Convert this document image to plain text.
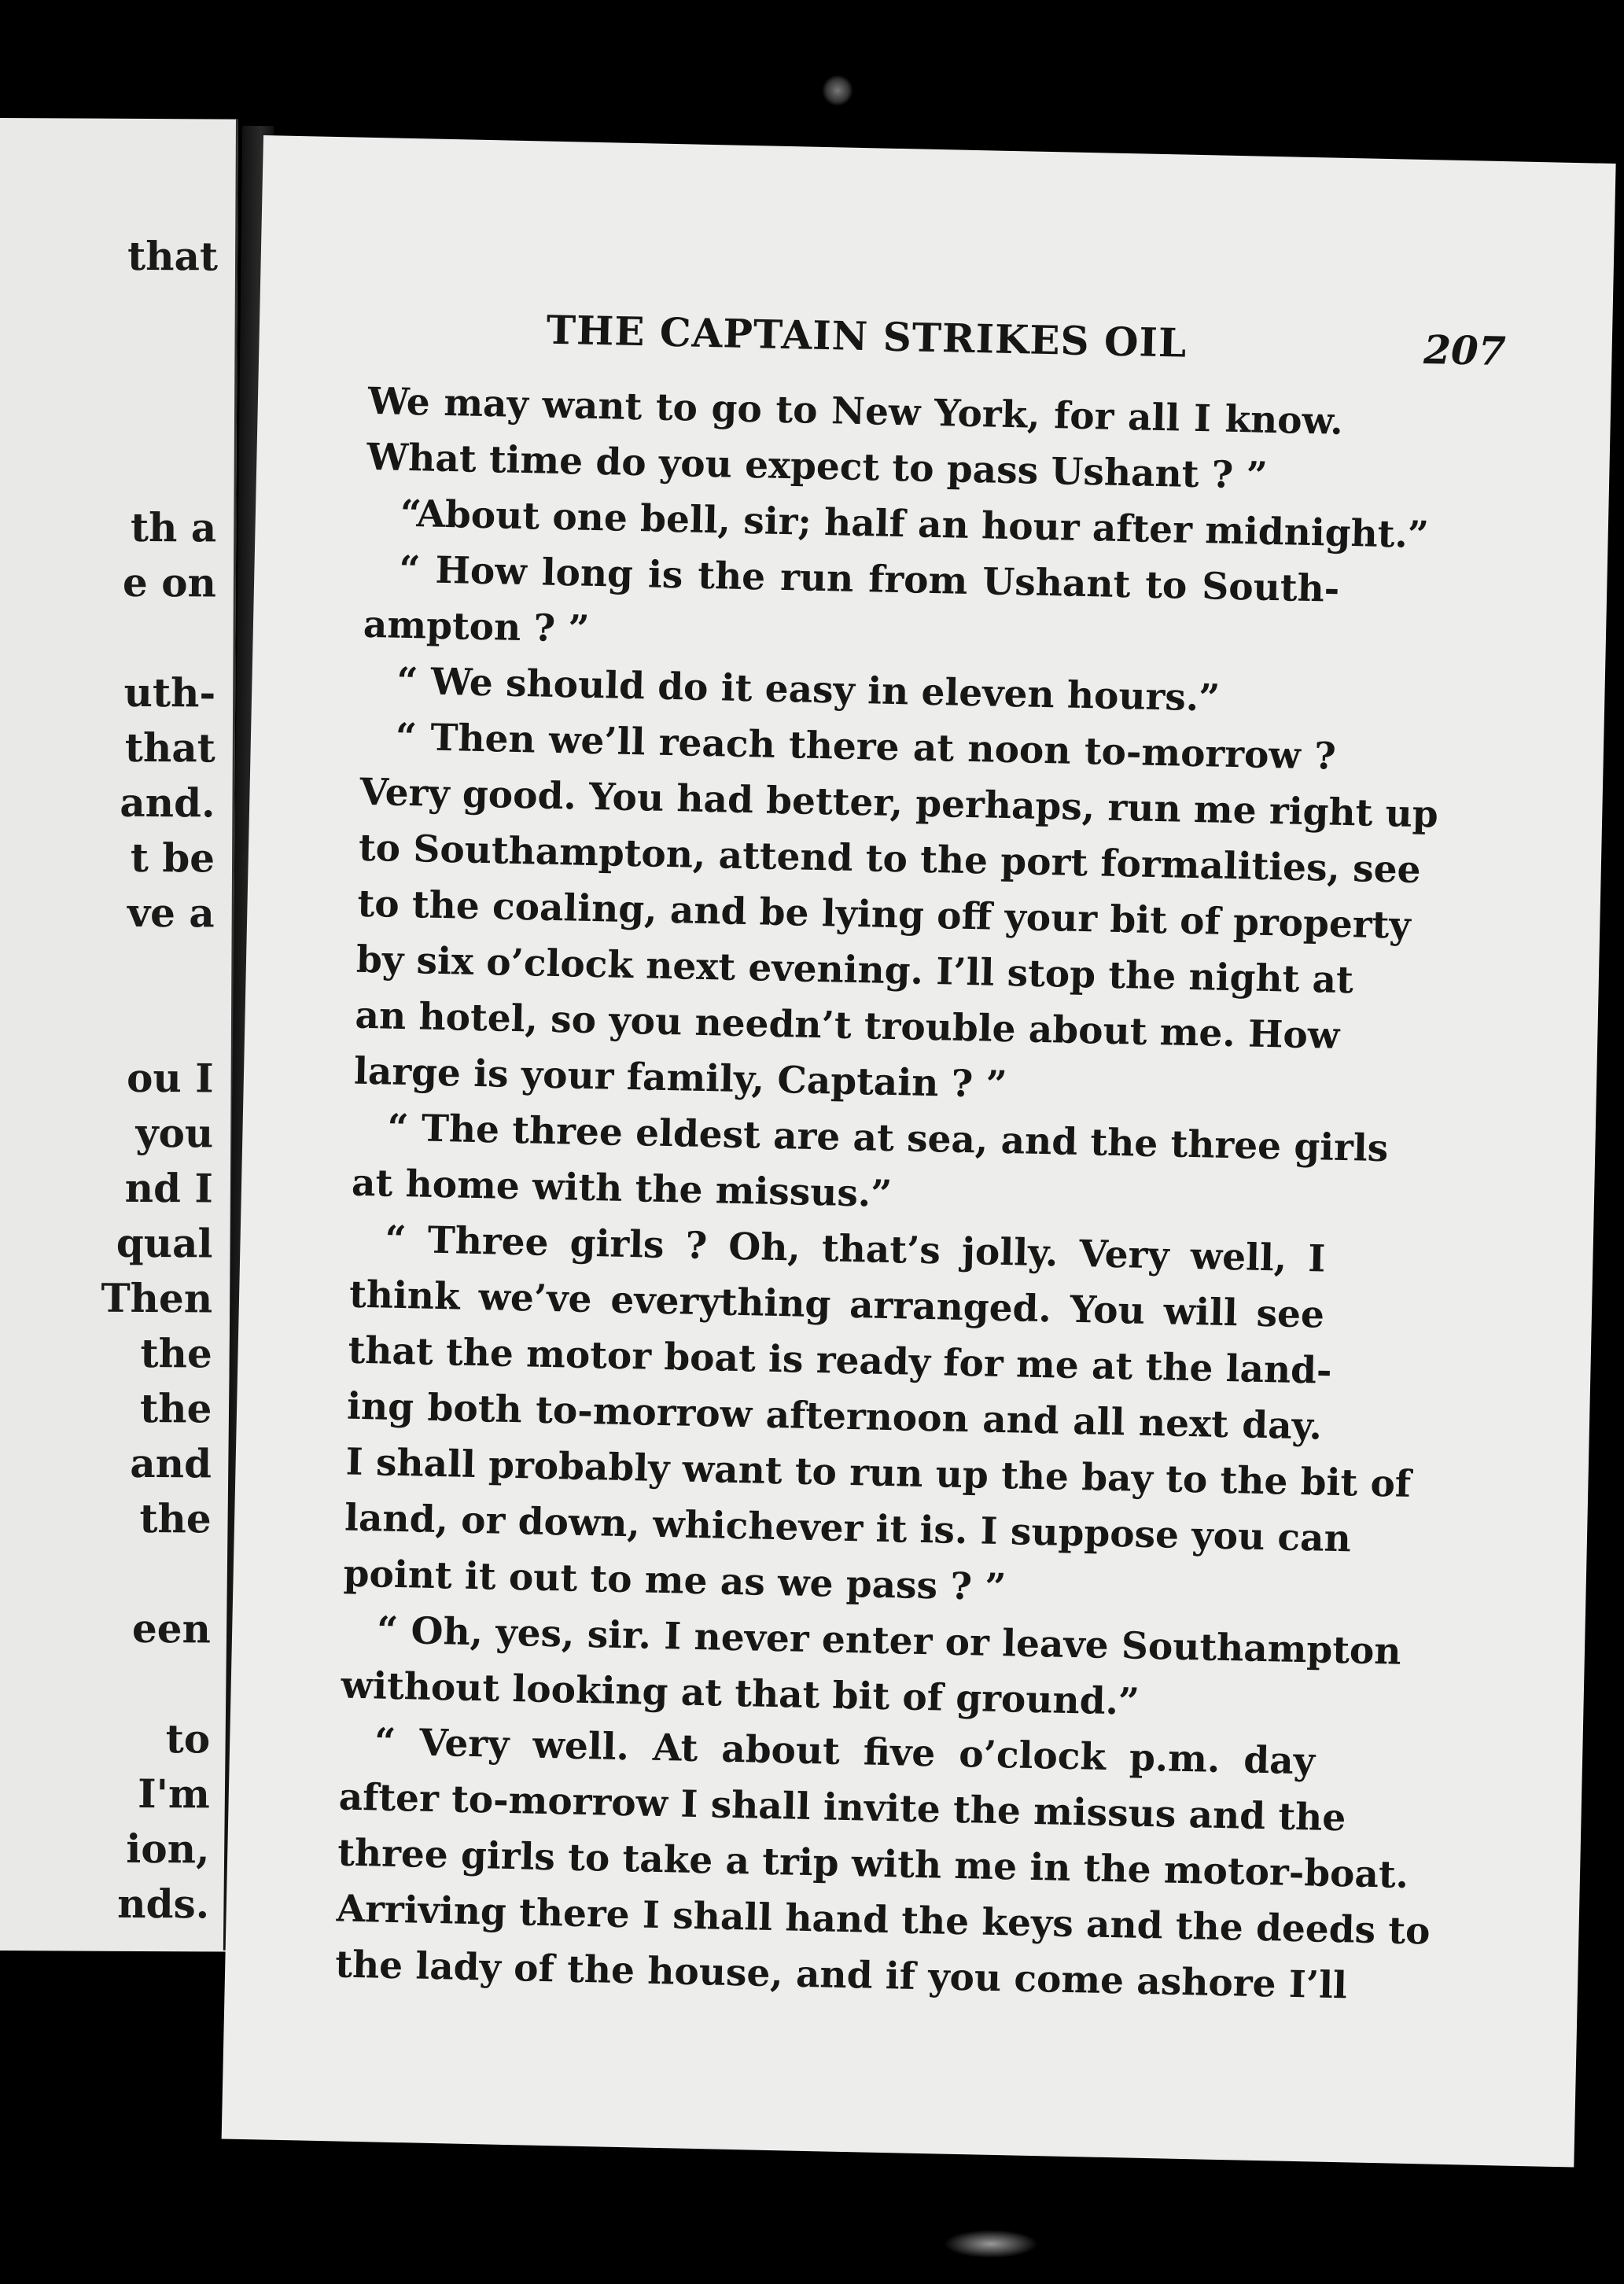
that
th a
e on
uth-
that
and.
t be
ve a
ou I
you
nd I
qual
Then
the
the
and
the
een
to
I'm
ion,
nds.
THE CAPTAIN STRIKES OIL	207
We may want to go to New York, for all I know.
What time do you expect to pass Ushant ? ”
“About one bell, sir; half an hour after midnight.”
“ How long is the run from Ushant to South-
ampton ? ”
“ We should do it easy in eleven hours.”
“ Then we’ll reach there at noon to-morrow ?
Very good. You had better, perhaps, run me right up
to Southampton, attend to the port formalities, see
to the coaling, and be lying off your bit of property
by six o’clock next evening. I’ll stop the night at
an hotel, so you needn’t trouble about me. How
large is your family, Captain ? ”
“ The three eldest are at sea, and the three girls
at home with the missus.”
“ Three girls ? Oh, that’s jolly. Very well, I
think we’ve everything arranged. You will see
that the motor boat is ready for me at the land-
ing both to-morrow afternoon and all next day.
I shall probably want to run up the bay to the bit of
land, or down, whichever it is. I suppose you can
point it out to me as we pass ? ”
“ Oh, yes, sir. I never enter or leave Southampton
without looking at that bit of ground.”
“ Very well. At about five o’clock p.m. day
after to-morrow I shall invite the missus and the
three girls to take a trip with me in the motor-boat.
Arriving there I shall hand the keys and the deeds to
the lady of the house, and if you come ashore I’ll
